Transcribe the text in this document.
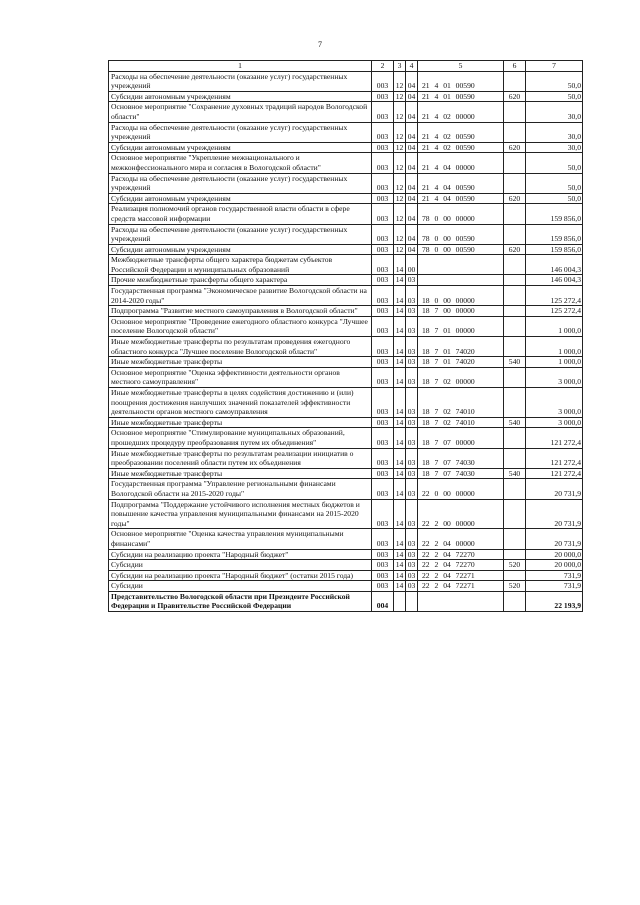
7
1	2	3	4	5	6	7
Расходы на обеспечение деятельности (оказание услуг) государственных учреждений	003	12	04	21 4 01 00590		50,0
Субсидии автономным учреждениям	003	12	04	21 4 01 00590	620	50,0
Основное мероприятие "Сохранение духовных традиций народов Вологодской области"	003	12	04	21 4 02 00000		30,0
Расходы на обеспечение деятельности (оказание услуг) государственных учреждений	003	12	04	21 4 02 00590		30,0
Субсидии автономным учреждениям	003	12	04	21 4 02 00590	620	30,0
Основное мероприятие "Укрепление межнационального и межконфессионального мира и согласия в Вологодской области"	003	12	04	21 4 04 00000		50,0
Расходы на обеспечение деятельности (оказание услуг) государственных учреждений	003	12	04	21 4 04 00590		50,0
Субсидии автономным учреждениям	003	12	04	21 4 04 00590	620	50,0
Реализация полномочий органов государственной власти области в сфере средств массовой информации	003	12	04	78 0 00 00000		159 856,0
Расходы на обеспечение деятельности (оказание услуг) государственных учреждений	003	12	04	78 0 00 00590		159 856,0
Субсидии автономным учреждениям	003	12	04	78 0 00 00590	620	159 856,0
Межбюджетные трансферты общего характера бюджетам субъектов Российской Федерации и муниципальных образований	003	14	00			146 004,3
Прочие межбюджетные трансферты общего характера	003	14	03			146 004,3
Государственная программа "Экономическое развитие Вологодской области на 2014-2020 годы"	003	14	03	18 0 00 00000		125 272,4
Подпрограмма "Развитие местного самоуправления в Вологодской области"	003	14	03	18 7 00 00000		125 272,4
Основное мероприятие "Проведение ежегодного областного конкурса "Лучшее поселение Вологодской области"	003	14	03	18 7 01 00000		1 000,0
Иные межбюджетные трансферты по результатам проведения ежегодного областного конкурса "Лучшее поселение Вологодской области"	003	14	03	18 7 01 74020		1 000,0
Иные межбюджетные трансферты	003	14	03	18 7 01 74020	540	1 000,0
Основное мероприятие "Оценка эффективности деятельности органов местного самоуправления"	003	14	03	18 7 02 00000		3 000,0
Иные межбюджетные трансферты в целях содействия достижению и (или) поощрения достижения наилучших значений показателей эффективности деятельности органов местного самоуправления	003	14	03	18 7 02 74010		3 000,0
Иные межбюджетные трансферты	003	14	03	18 7 02 74010	540	3 000,0
Основное мероприятие "Стимулирование муниципальных образований, прошедших процедуру преобразования путем их объединения"	003	14	03	18 7 07 00000		121 272,4
Иные межбюджетные трансферты по результатам реализации инициатив о преобразовании поселений области путем их объединения	003	14	03	18 7 07 74030		121 272,4
Иные межбюджетные трансферты	003	14	03	18 7 07 74030	540	121 272,4
Государственная программа "Управление региональными финансами Вологодской области на 2015-2020 годы"	003	14	03	22 0 00 00000		20 731,9
Подпрограмма "Поддержание устойчивого исполнения местных бюджетов и повышение качества управления муниципальными финансами на 2015-2020 годы"	003	14	03	22 2 00 00000		20 731,9
Основное мероприятие "Оценка качества управления муниципальными финансами"	003	14	03	22 2 04 00000		20 731,9
Субсидии на реализацию проекта "Народный бюджет"	003	14	03	22 2 04 72270		20 000,0
Субсидии	003	14	03	22 2 04 72270	520	20 000,0
Субсидии на реализацию проекта "Народный бюджет" (остатки 2015 года)	003	14	03	22 2 04 72271		731,9
Субсидии	003	14	03	22 2 04 72271	520	731,9
Представительство Вологодской области при Президенте Российской Федерации и Правительстве Российской Федерации	004					22 193,9
